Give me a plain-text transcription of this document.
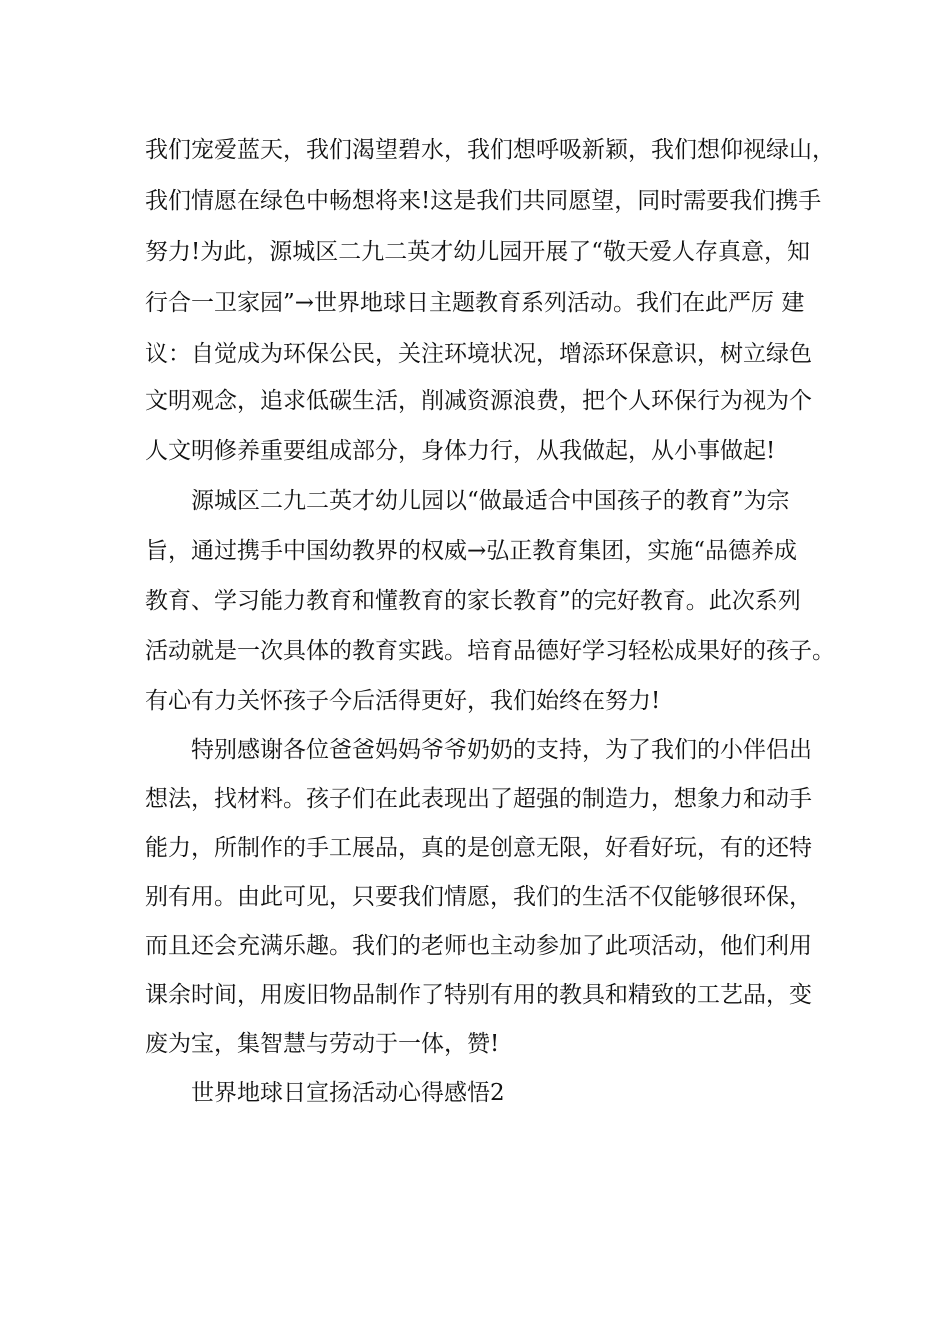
我们宠爱蓝天，我们渴望碧水，我们想呼吸新颖，我们想仰视绿山，
我们情愿在绿色中畅想将来!这是我们共同愿望，同时需要我们携手
努力!为此，源城区二九二英才幼儿园开展了“敬天爱人存真意，知
行合一卫家园”→世界地球日主题教育系列活动。我们在此严厉 建
议：自觉成为环保公民，关注环境状况，增添环保意识，树立绿色
文明观念，追求低碳生活，削减资源浪费，把个人环保行为视为个
人文明修养重要组成部分，身体力行，从我做起，从小事做起!
源城区二九二英才幼儿园以“做最适合中国孩子的教育”为宗
旨，通过携手中国幼教界的权威→弘正教育集团，实施“品德养成
教育、学习能力教育和懂教育的家长教育”的完好教育。此次系列
活动就是一次具体的教育实践。培育品德好学习轻松成果好的孩子。
有心有力关怀孩子今后活得更好，我们始终在努力!
特别感谢各位爸爸妈妈爷爷奶奶的支持，为了我们的小伴侣出
想法，找材料。孩子们在此表现出了超强的制造力，想象力和动手
能力，所制作的手工展品，真的是创意无限，好看好玩，有的还特
别有用。由此可见，只要我们情愿，我们的生活不仅能够很环保，
而且还会充满乐趣。我们的老师也主动参加了此项活动，他们利用
课余时间，用废旧物品制作了特别有用的教具和精致的工艺品，变
废为宝，集智慧与劳动于一体，赞!
世界地球日宣扬活动心得感悟2
